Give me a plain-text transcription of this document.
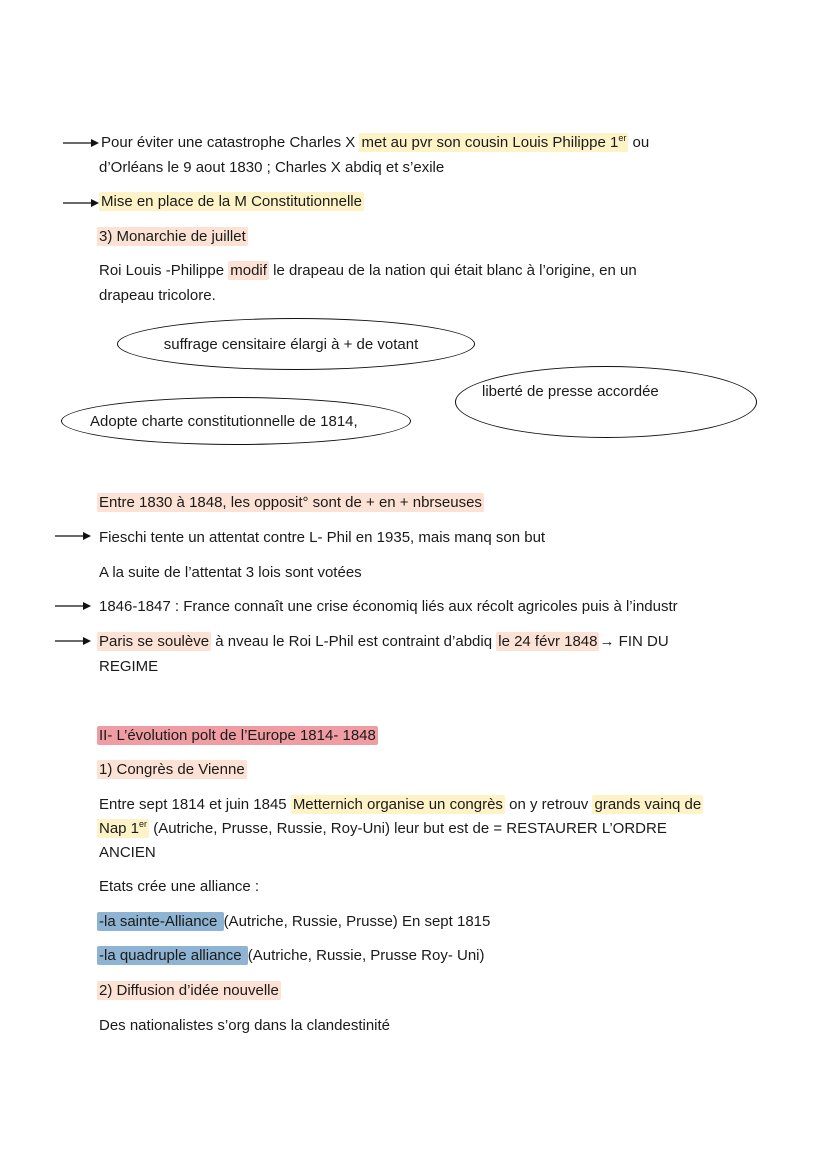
Pour éviter une catastrophe Charles X met au pvr son cousin Louis Philippe 1er ou
d’Orléans le 9 aout 1830 ; Charles X abdiq et s’exile
Mise en place de la M Constitutionnelle
3) Monarchie de juillet
Roi Louis -Philippe modif le drapeau de la nation qui était blanc à l’origine, en un
drapeau tricolore.
suffrage censitaire élargi à + de votant
liberté de presse accordée
Adopte charte constitutionnelle de 1814,
Entre 1830 à 1848, les opposit° sont de + en + nbrseuses
Fieschi tente un attentat contre L- Phil en 1935, mais manq son but
A la suite de l’attentat 3 lois sont votées
1846-1847 : France connaît une crise économiq liés aux récolt agricoles puis à l’industr
Paris se soulève à nveau le Roi L-Phil est contraint d’abdiq le 24 févr 1848 → FIN DU
REGIME
II- L’évolution polt de l’Europe 1814- 1848
1) Congrès de Vienne
Entre sept 1814 et juin 1845 Metternich organise un congrès on y retrouv grands vainq de
Nap 1er (Autriche, Prusse, Russie, Roy-Uni) leur but est de = RESTAURER L’ORDRE
ANCIEN
Etats crée une alliance :
-la sainte-Alliance (Autriche, Russie, Prusse) En sept 1815
-la quadruple alliance (Autriche, Russie, Prusse Roy- Uni)
2) Diffusion d’idée nouvelle
Des nationalistes s’org dans la clandestinité
